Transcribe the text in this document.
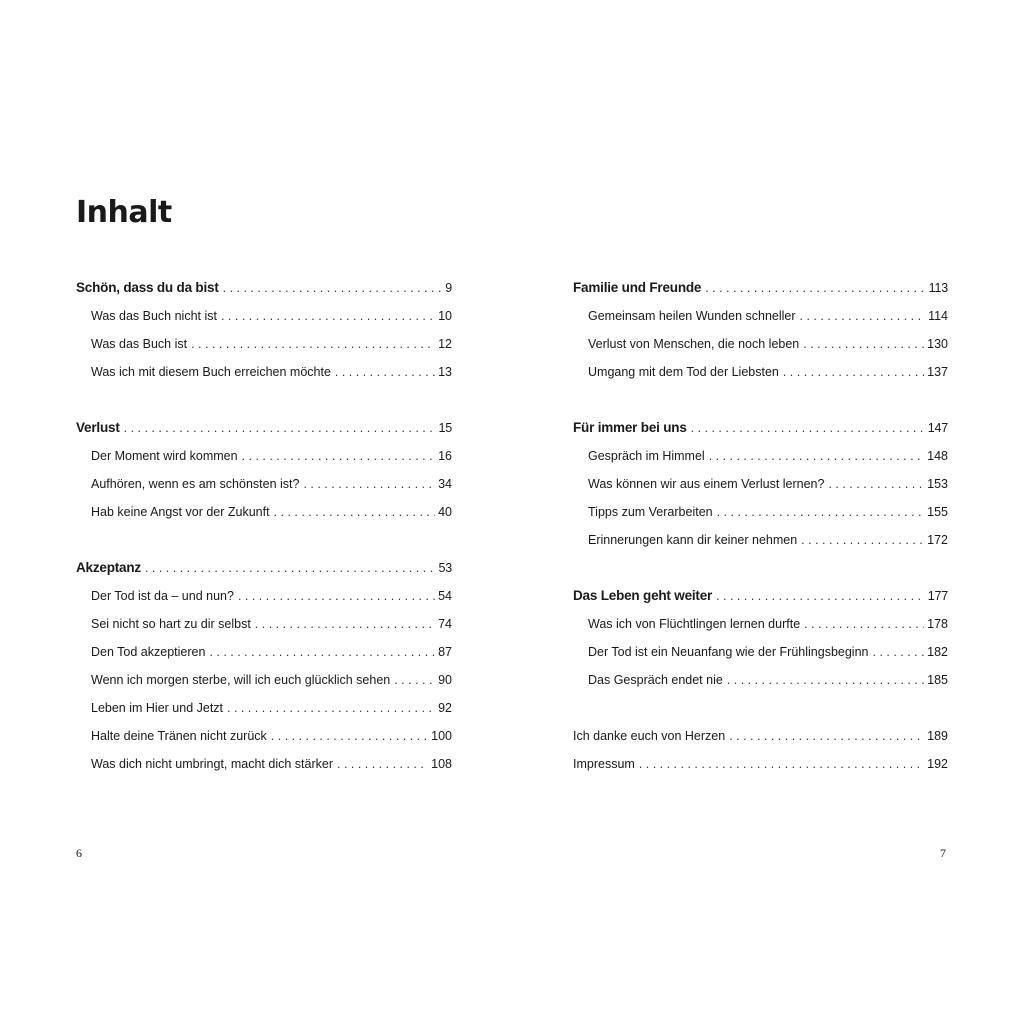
Inhalt
Schön, dass du da bist . . .	9
Was das Buch nicht ist . . .	10
Was das Buch ist . . .	12
Was ich mit diesem Buch erreichen möchte . . .	13
Verlust . . .	15
Der Moment wird kommen . . .	16
Aufhören, wenn es am schönsten ist? . . .	34
Hab keine Angst vor der Zukunft . . .	40
Akzeptanz . . .	53
Der Tod ist da – und nun? . . .	54
Sei nicht so hart zu dir selbst . . .	74
Den Tod akzeptieren . . .	87
Wenn ich morgen sterbe, will ich euch glücklich sehen . . .	90
Leben im Hier und Jetzt . . .	92
Halte deine Tränen nicht zurück . . .	100
Was dich nicht umbringt, macht dich stärker . . .	108
Familie und Freunde . . .	113
Gemeinsam heilen Wunden schneller . . .	114
Verlust von Menschen, die noch leben . . .	130
Umgang mit dem Tod der Liebsten . . .	137
Für immer bei uns . . .	147
Gespräch im Himmel . . .	148
Was können wir aus einem Verlust lernen? . . .	153
Tipps zum Verarbeiten . . .	155
Erinnerungen kann dir keiner nehmen . . .	172
Das Leben geht weiter . . .	177
Was ich von Flüchtlingen lernen durfte . . .	178
Der Tod ist ein Neuanfang wie der Frühlingsbeginn . . .	182
Das Gespräch endet nie . . .	185
Ich danke euch von Herzen . . .	189
Impressum . . .	192
6	7
